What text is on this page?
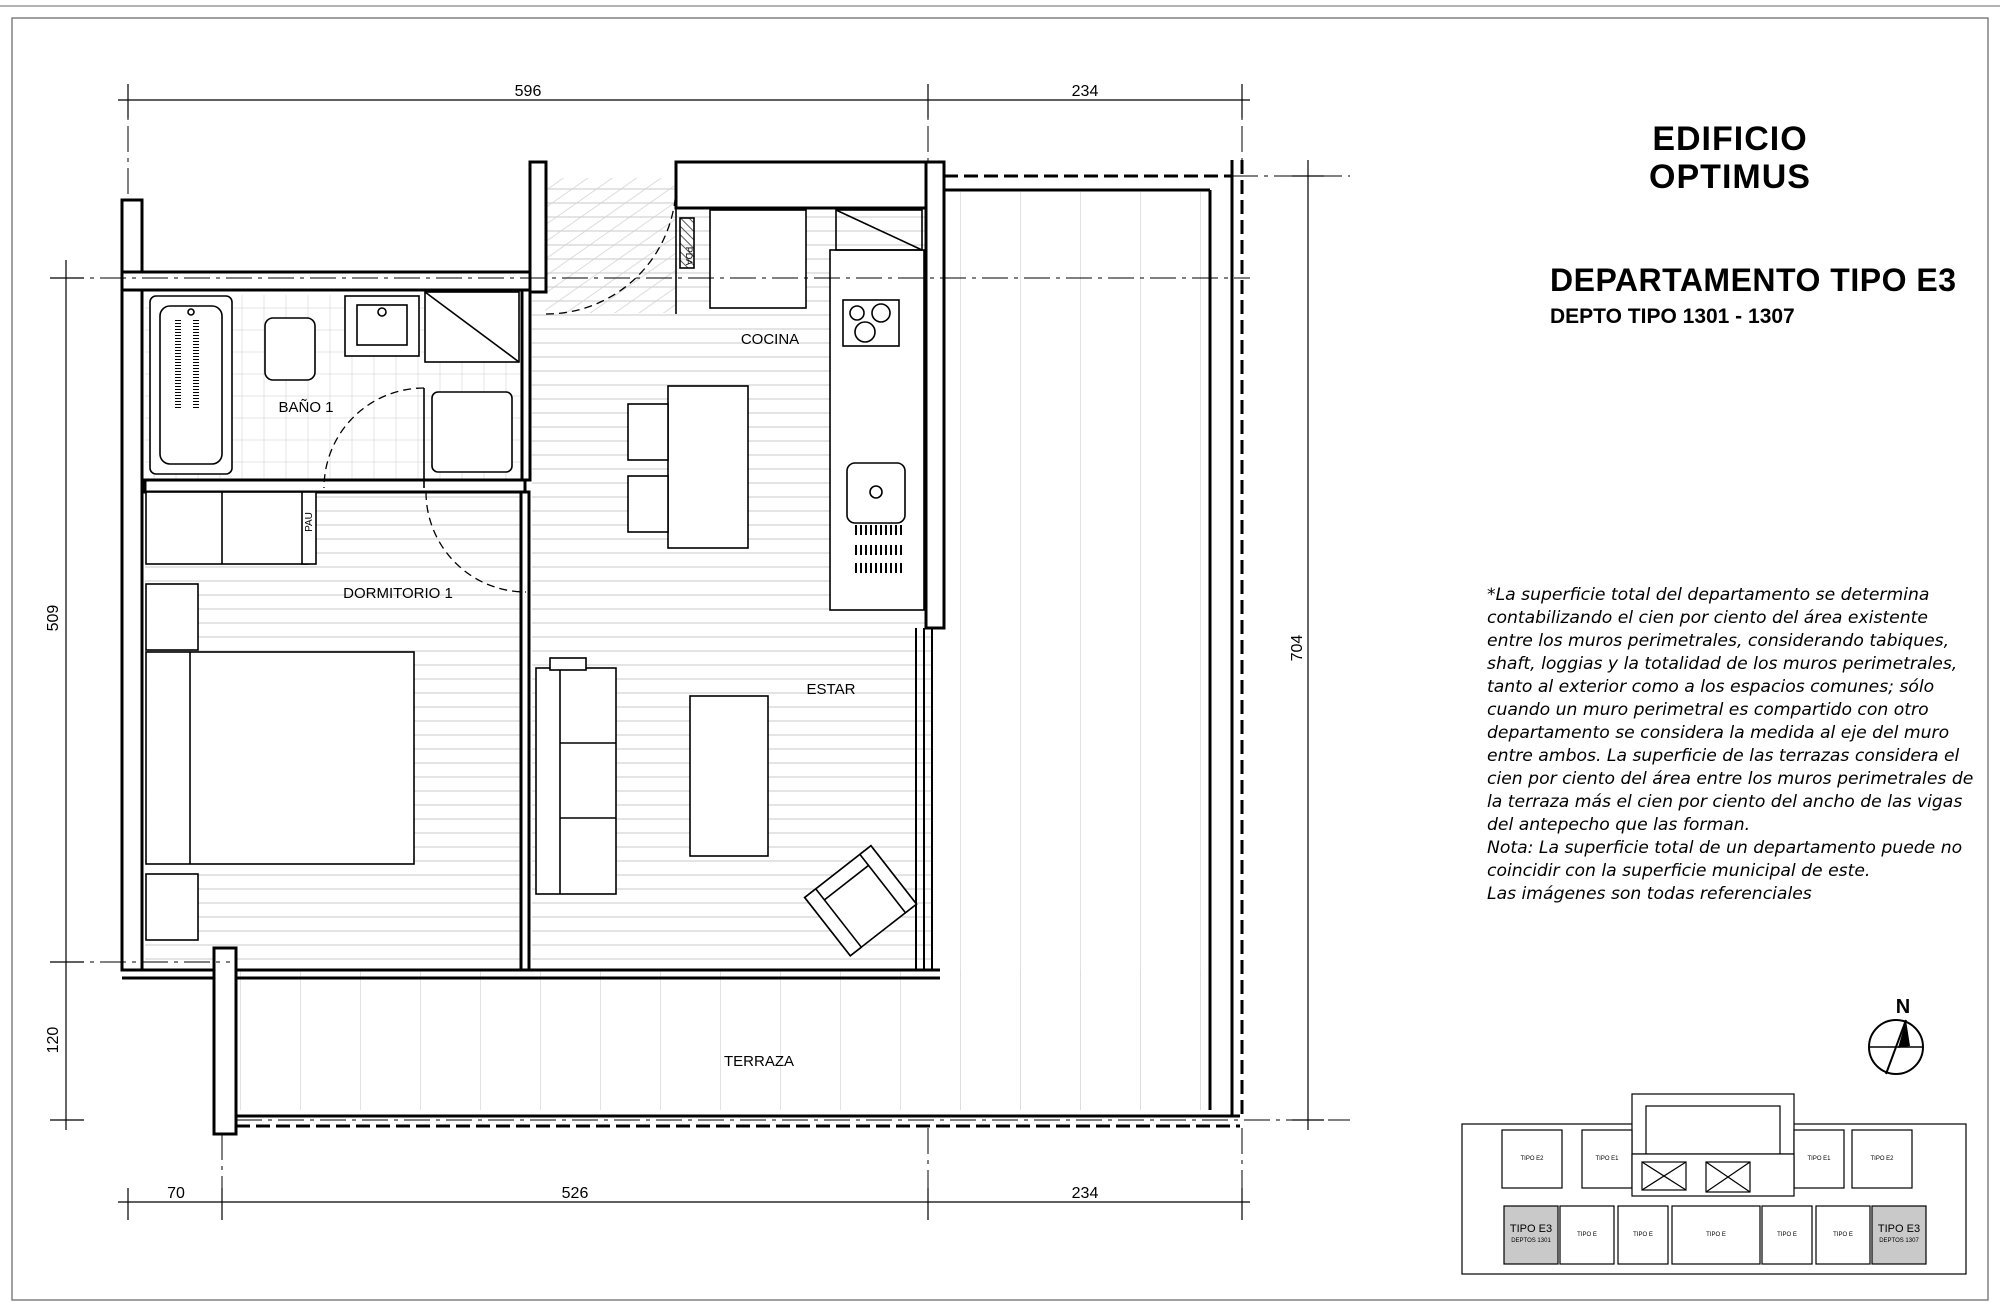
596	234
70	526	234
509
120
704
COCINA
BAÑO 1
DORMITORIO 1
ESTAR
TERRAZA
PAU
PDA
N
TIPO E2	TIPO E1	TIPO E1	TIPO E2
TIPO E	TIPO E	TIPO E	TIPO E	TIPO E
TIPO E3
DEPTOS 1301
TIPO E3
DEPTOS 1307
EDIFICIO
OPTIMUS
DEPARTAMENTO TIPO E3
DEPTO TIPO 1301 - 1307

*La superficie total del departamento se determina contabilizando el cien por ciento del área existente entre los muros perimetrales, considerando tabiques, shaft, loggias y la totalidad de los muros perimetrales, tanto al exterior como a los espacios comunes; sólo cuando un muro perimetral es compartido con otro departamento se considera la medida al eje del muro entre ambos. La superficie de las terrazas considera el cien por ciento del área entre los muros perimetrales de la terraza más el cien por ciento del ancho de las vigas del antepecho que las forman.

Nota: La superficie total de un departamento puede no coincidir con la superficie municipal de este.

Las imágenes son todas referenciales
